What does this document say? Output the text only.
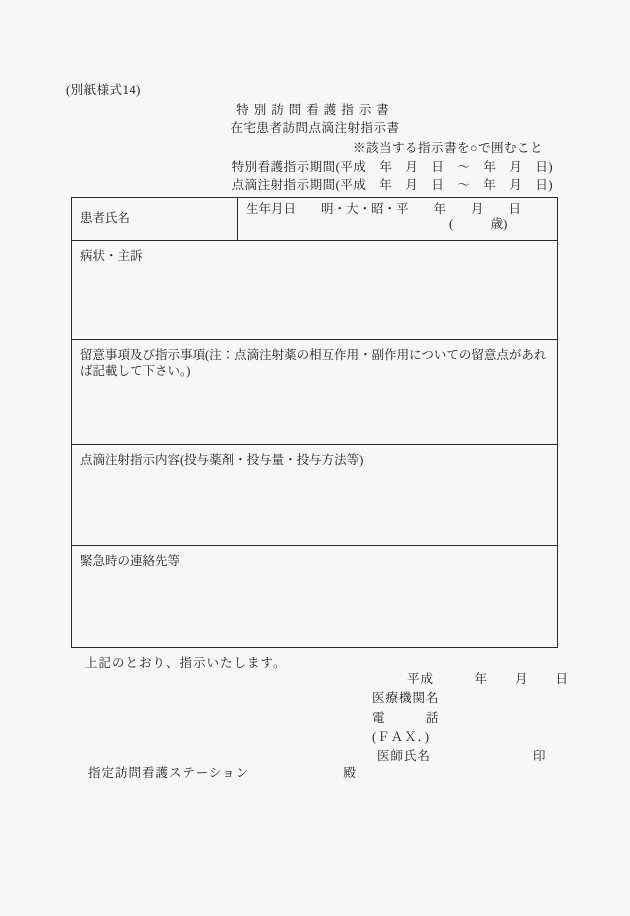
(別紙様式14)
特別訪問看護指示書
在宅患者訪問点滴注射指示書
※該当する指示書を○で囲むこと
特別看護指示期間(平成　年　月　日　～　年　月　日)
点滴注射指示期間(平成　年　月　日　～　年　月　日)
患者氏名
生年月日　　明・大・昭・平　　年　　月　　日
(　　　歳)
病状・主訴
留意事項及び指示事項(注：点滴注射薬の相互作用・副作用についての留意点があれば記載して下さい。)
点滴注射指示内容(投与薬剤・投与量・投与方法等)
緊急時の連絡先等
上記のとおり、指示いたします。
平成　　　年　　月　　日
医療機関名
電　　　話
(ＦＡＸ．)
医師氏名	印
指定訪問看護ステーション	殿
